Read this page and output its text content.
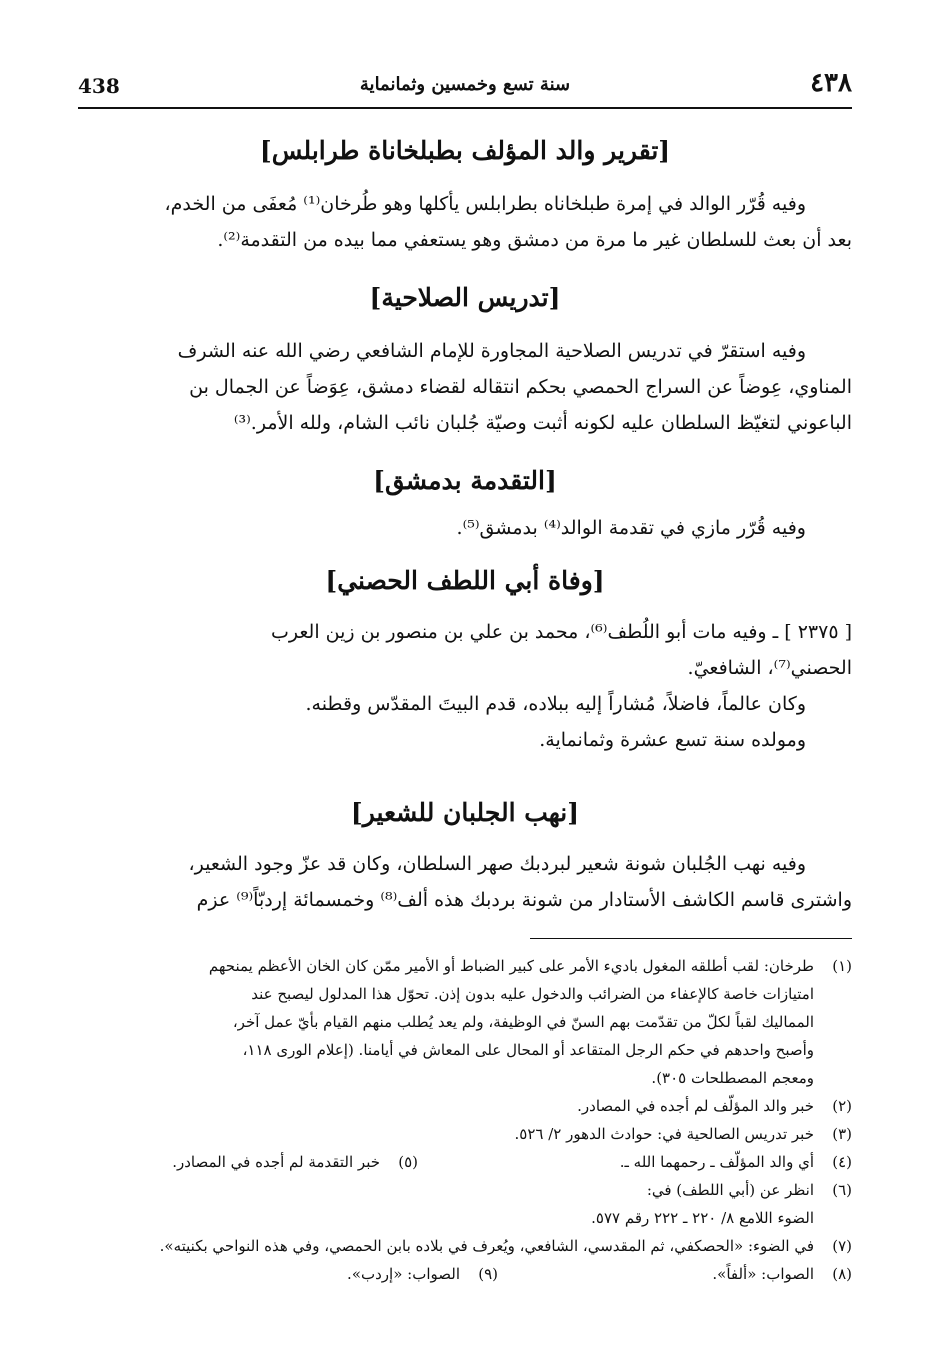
438	سنة تسع وخمسين وثمانماية	٤٣٨
[تقرير والد المؤلف بطبلخاناة طرابلس]

وفيه قُرّر الوالد في إمرة طبلخاناه بطرابلس يأكلها وهو طُرخان⁽¹⁾ مُعفَى من الخدم،

بعد أن بعث للسلطان غير ما مرة من دمشق وهو يستعفي مما بيده من التقدمة⁽²⁾.

[تدريس الصلاحية]

وفيه استقرّ في تدريس الصلاحية المجاورة للإمام الشافعي رضي الله عنه الشرف

المناوي، عِوضاً عن السراج الحمصي بحكم انتقاله لقضاء دمشق، عِوَضاً عن الجمال بن

الباعوني لتغيّظ السلطان عليه لكونه أثبت وصيّة جُلبان نائب الشام، ولله الأمر.⁽³⁾

[التقدمة بدمشق]

وفيه قُرّر مازي في تقدمة الوالد⁽⁴⁾ بدمشق⁽⁵⁾.

[وفاة أبي اللطف الحصني]

[ ٢٣٧٥ ] ـ وفيه مات أبو اللُطف⁽⁶⁾، محمد بن علي بن منصور بن زين العرب

الحصني⁽⁷⁾، الشافعيّ.

وكان عالماً، فاضلاً، مُشاراً إليه ببلاده، قدم البيتَ المقدّس وقطنه.

ومولده سنة تسع عشرة وثمانماية.

[نهب الجلبان للشعير]

وفيه نهب الجُلبان شونة شعير لبردبك صهر السلطان، وكان قد عزّ وجود الشعير،

واشترى قاسم الكاشف الأستادار من شونة بردبك هذه ألف⁽⁸⁾ وخمسمائة إردبّاً⁽⁹⁾ عزم

(١)
طرخان: لقب أطلقه المغول باديء الأمر على كبير الضباط أو الأمير ممّن كان الخان الأعظم يمنحهم
امتيازات خاصة كالإعفاء من الضرائب والدخول عليه بدون إذن. تحوّل هذا المدلول ليصبح عند
المماليك لقباً لكلّ من تقدّمت بهم السنّ في الوظيفة، ولم يعد يُطلب منهم القيام بأيّ عمل آخر،
وأصبح واحدهم في حكم الرجل المتقاعد أو المحال على المعاش في أيامنا. (إعلام الورى ١١٨،
ومعجم المصطلحات ٣٠٥).
(٢)
خبر والد المؤلّف لم أجده في المصادر.
(٣)
خبر تدريس الصالحية في: حوادث الدهور ٢/ ٥٢٦.
(٤)
أي والد المؤلّف ـ رحمهما الله ـ.
(٥)
خبر التقدمة لم أجده في المصادر.
(٦)
انظر عن (أبي اللطف) في:
الضوء اللامع ٨/ ٢٢٠ ـ ٢٢٢ رقم ٥٧٧.
(٧)
في الضوء: «الحصكفي، ثم المقدسي، الشافعي، ويُعرف في بلاده بابن الحمصي، وفي هذه النواحي بكنيته».
(٨)
الصواب: «ألفاً».
(٩)
الصواب: «إردب».
